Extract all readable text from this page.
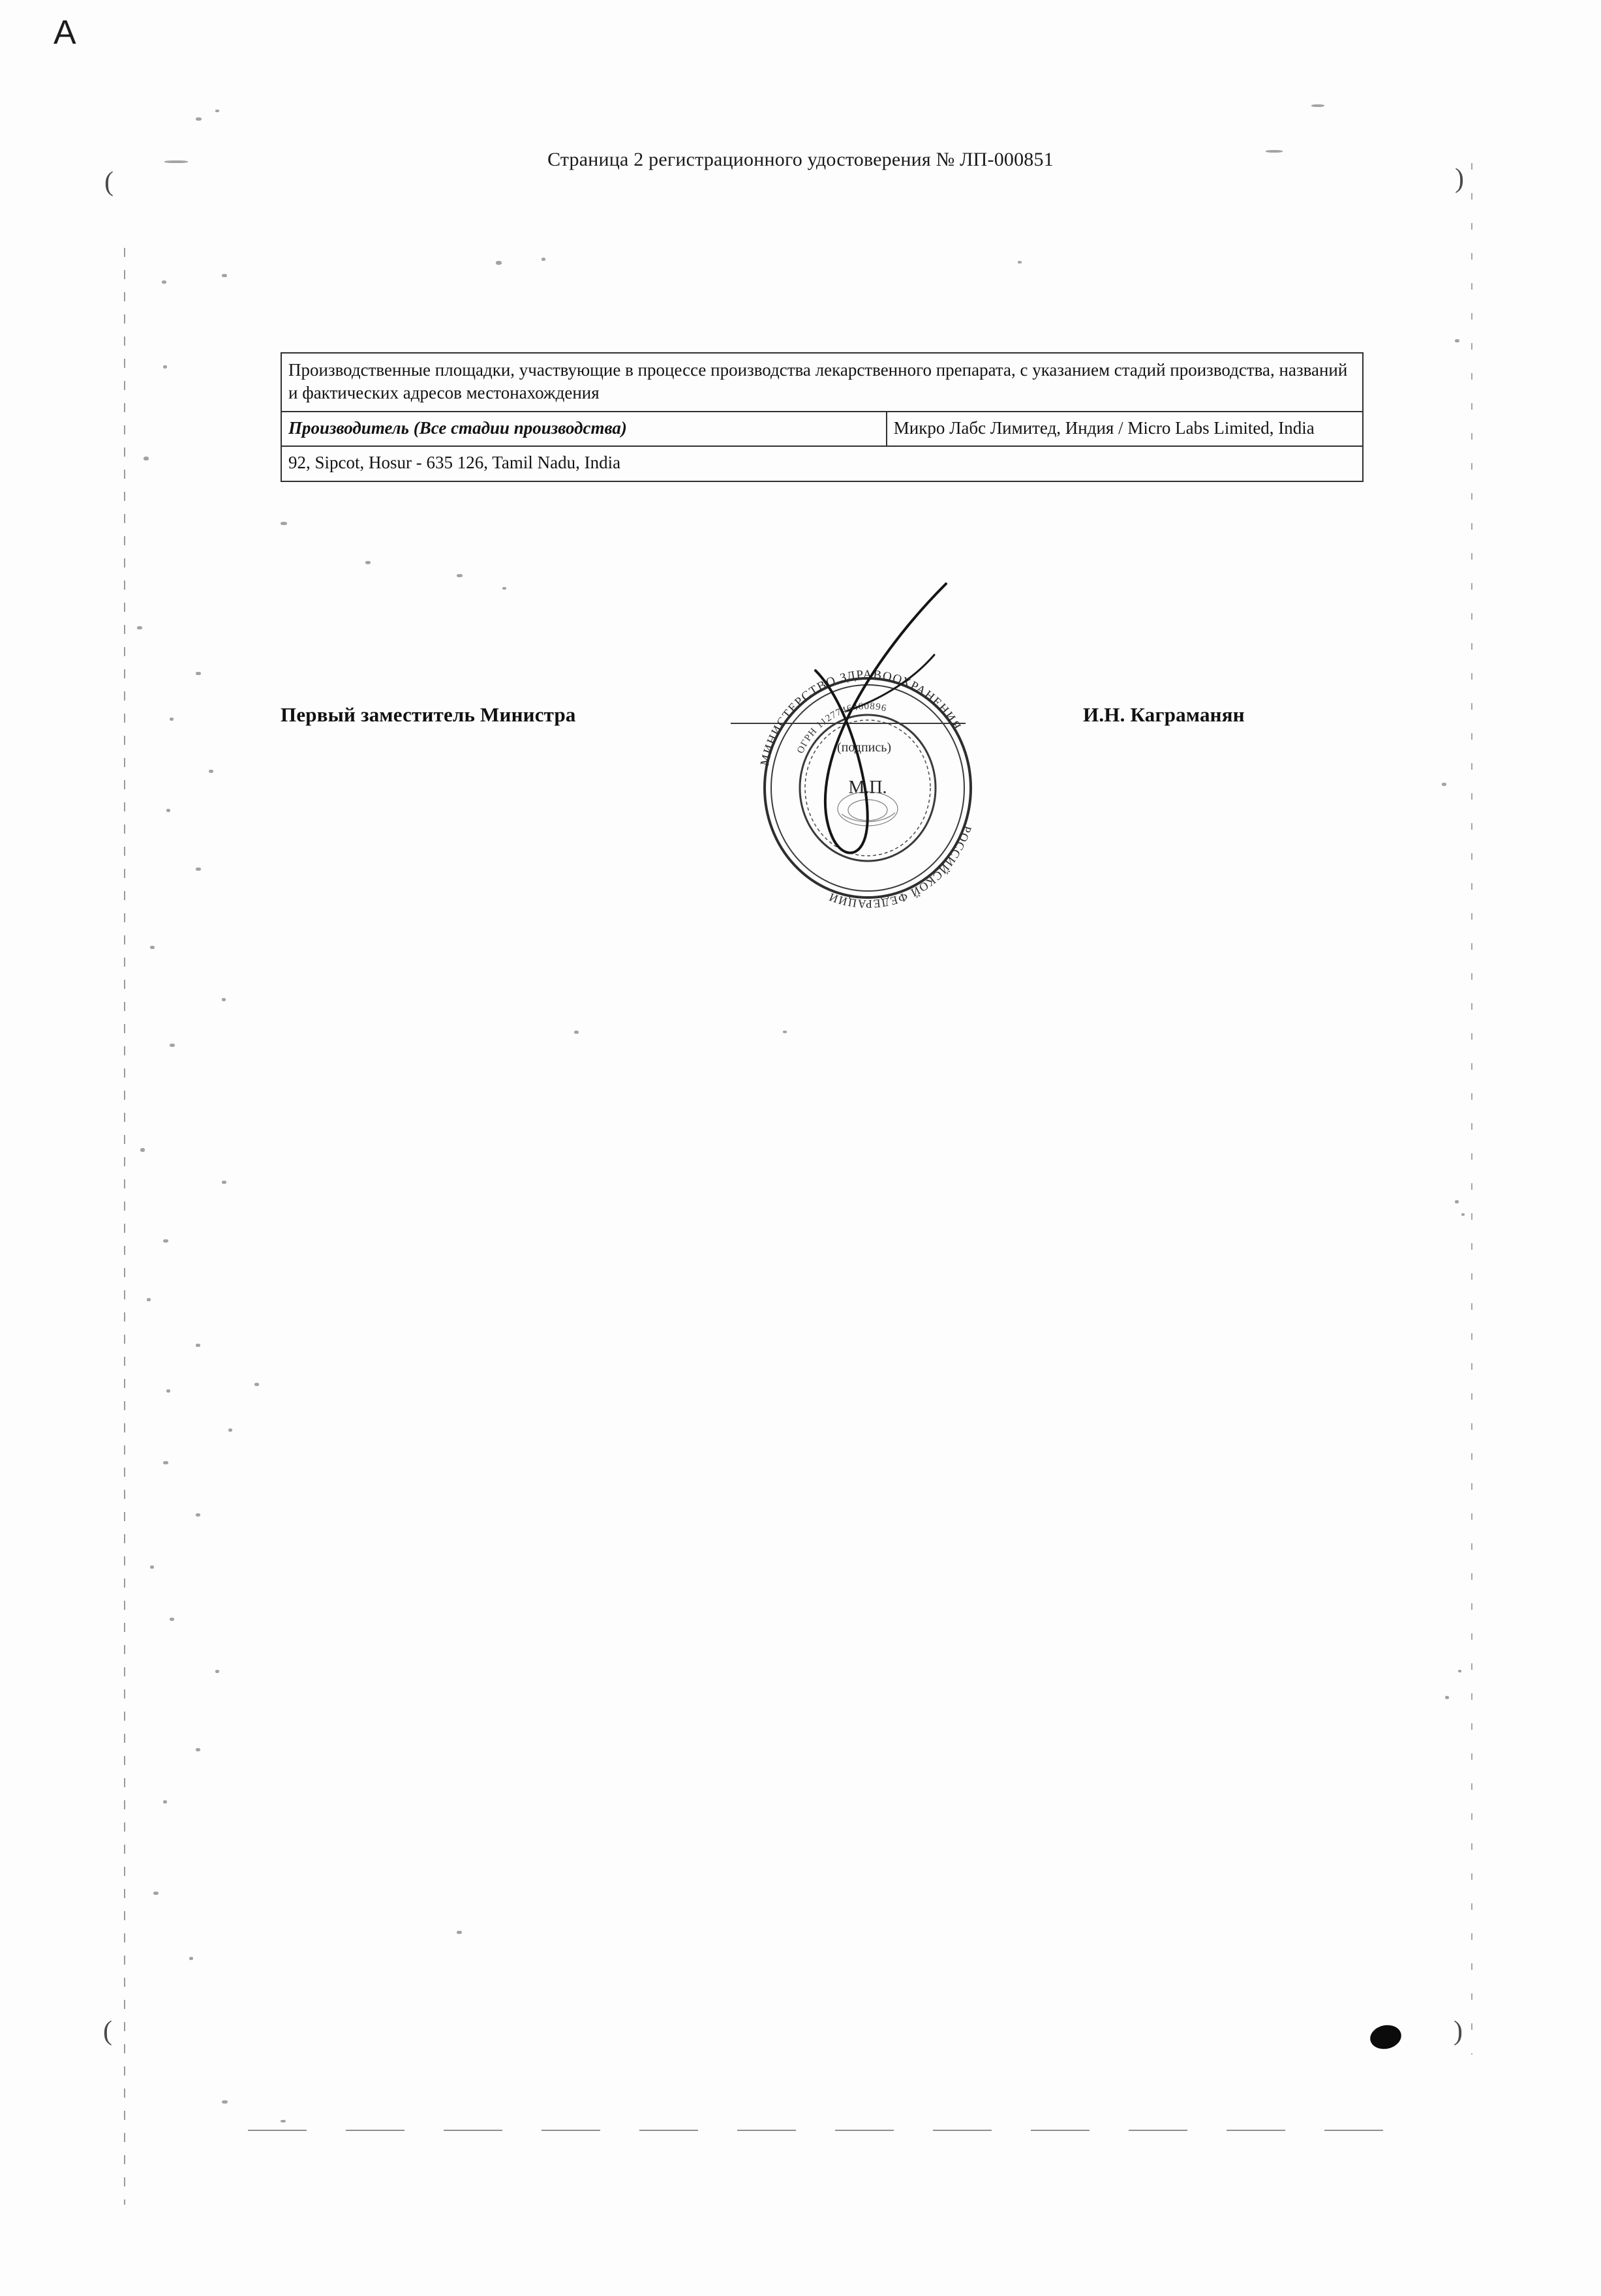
A
(	)
(	)
Страница 2 регистрационного удостоверения № ЛП-000851
Производственные площадки, участвующие в процессе производства лекарственного препарата, с указанием стадий производства, названий и фактических адресов местонахождения
Производитель (Все стадии производства)	Микро Лабс Лимитед, Индия / Micro Labs Limited, India
92, Sipcot, Hosur - 635 126, Tamil Nadu, India
Первый заместитель Министра
(подпись)
И.Н. Каграманян
МИНИСТЕРСТВО ЗДРАВООХРАНЕНИЯ
РОССИЙСКОЙ ФЕДЕРАЦИИ
ОГРН 1127746460896
М.П.
